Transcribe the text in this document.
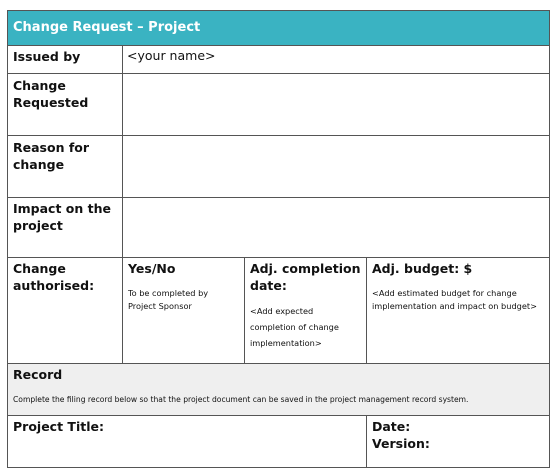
Change Request – Project
Issued by	<your name>
Change
Requested
Reason for
change
Impact on the
project
Change
authorised:
Yes/No
To be completed by
Project Sponsor
Adj. completion
date:
<Add expected
completion of change
implementation>
Adj. budget: $
<Add estimated budget for change
implementation and impact on budget>
Record
Complete the filing record below so that the project document can be saved in the project management record system.
Project Title:	Date:
Version:
